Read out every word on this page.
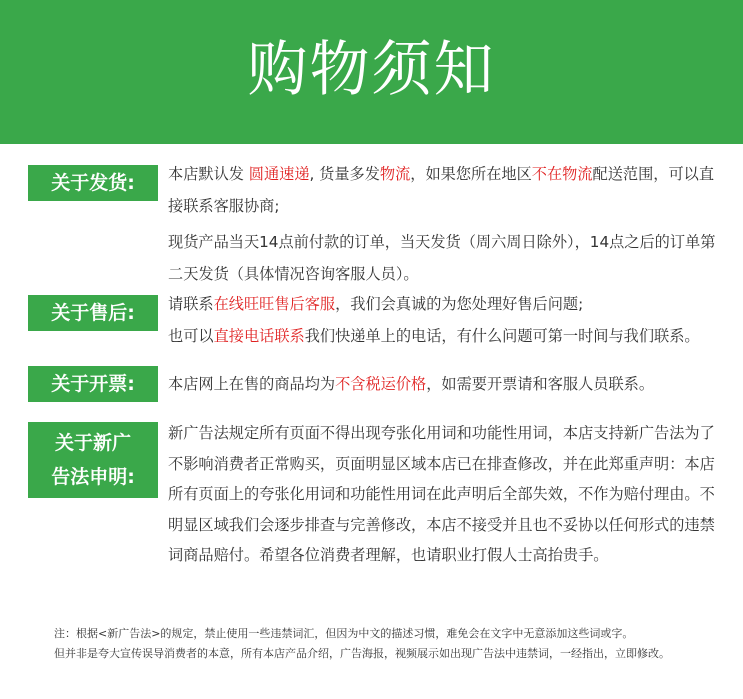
购物须知
关于发货: 本店默认发 圆通速递, 货量多发物流，如果您所在地区不在物流配送范围，可以直接联系客服协商;

现货产品当天14点前付款的订单，当天发货（周六周日除外），14点之后的订单第二天发货（具体情况咨询客服人员）。

关于售后: 请联系在线旺旺售后客服，我们会真诚的为您处理好售后问题;

也可以直接电话联系我们快递单上的电话，有什么问题可第一时间与我们联系。

关于开票: 本店网上在售的商品均为不含税运价格，如需要开票请和客服人员联系。

关于新广
告法申明:

新广告法规定所有页面不得出现夸张化用词和功能性用词，本店支持新广告法为了不影响消费者正常购买，页面明显区域本店已在排查修改，并在此郑重声明：本店所有页面上的夸张化用词和功能性用词在此声明后全部失效，不作为赔付理由。不明显区域我们会逐步排查与完善修改，本店不接受并且也不妥协以任何形式的违禁词商品赔付。希望各位消费者理解，也请职业打假人士高抬贵手。

注：根据<新广告法>的规定，禁止使用一些违禁词汇，但因为中文的描述习惯，难免会在文字中无意添加这些词或字。

但并非是夸大宣传误导消费者的本意，所有本店产品介绍，广告海报，视频展示如出现广告法中违禁词，一经指出，立即修改。
